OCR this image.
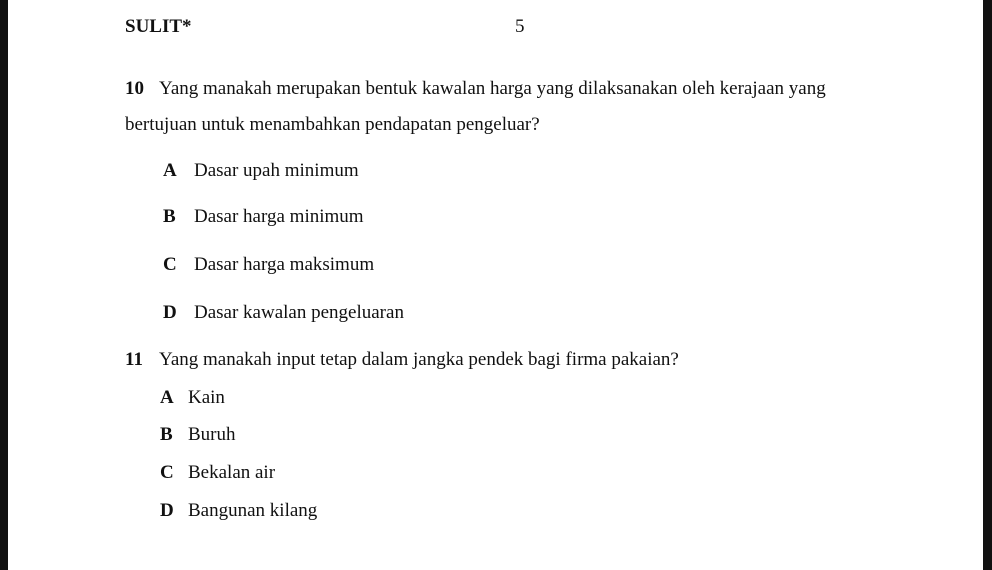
SULIT*	5
10 Yang manakah merupakan bentuk kawalan harga yang dilaksanakan oleh kerajaan yang
bertujuan untuk menambahkan pendapatan pengeluar?
A Dasar upah minimum
B Dasar harga minimum
C Dasar harga maksimum
D Dasar kawalan pengeluaran
11 Yang manakah input tetap dalam jangka pendek bagi firma pakaian?
A Kain
B Buruh
C Bekalan air
D Bangunan kilang
